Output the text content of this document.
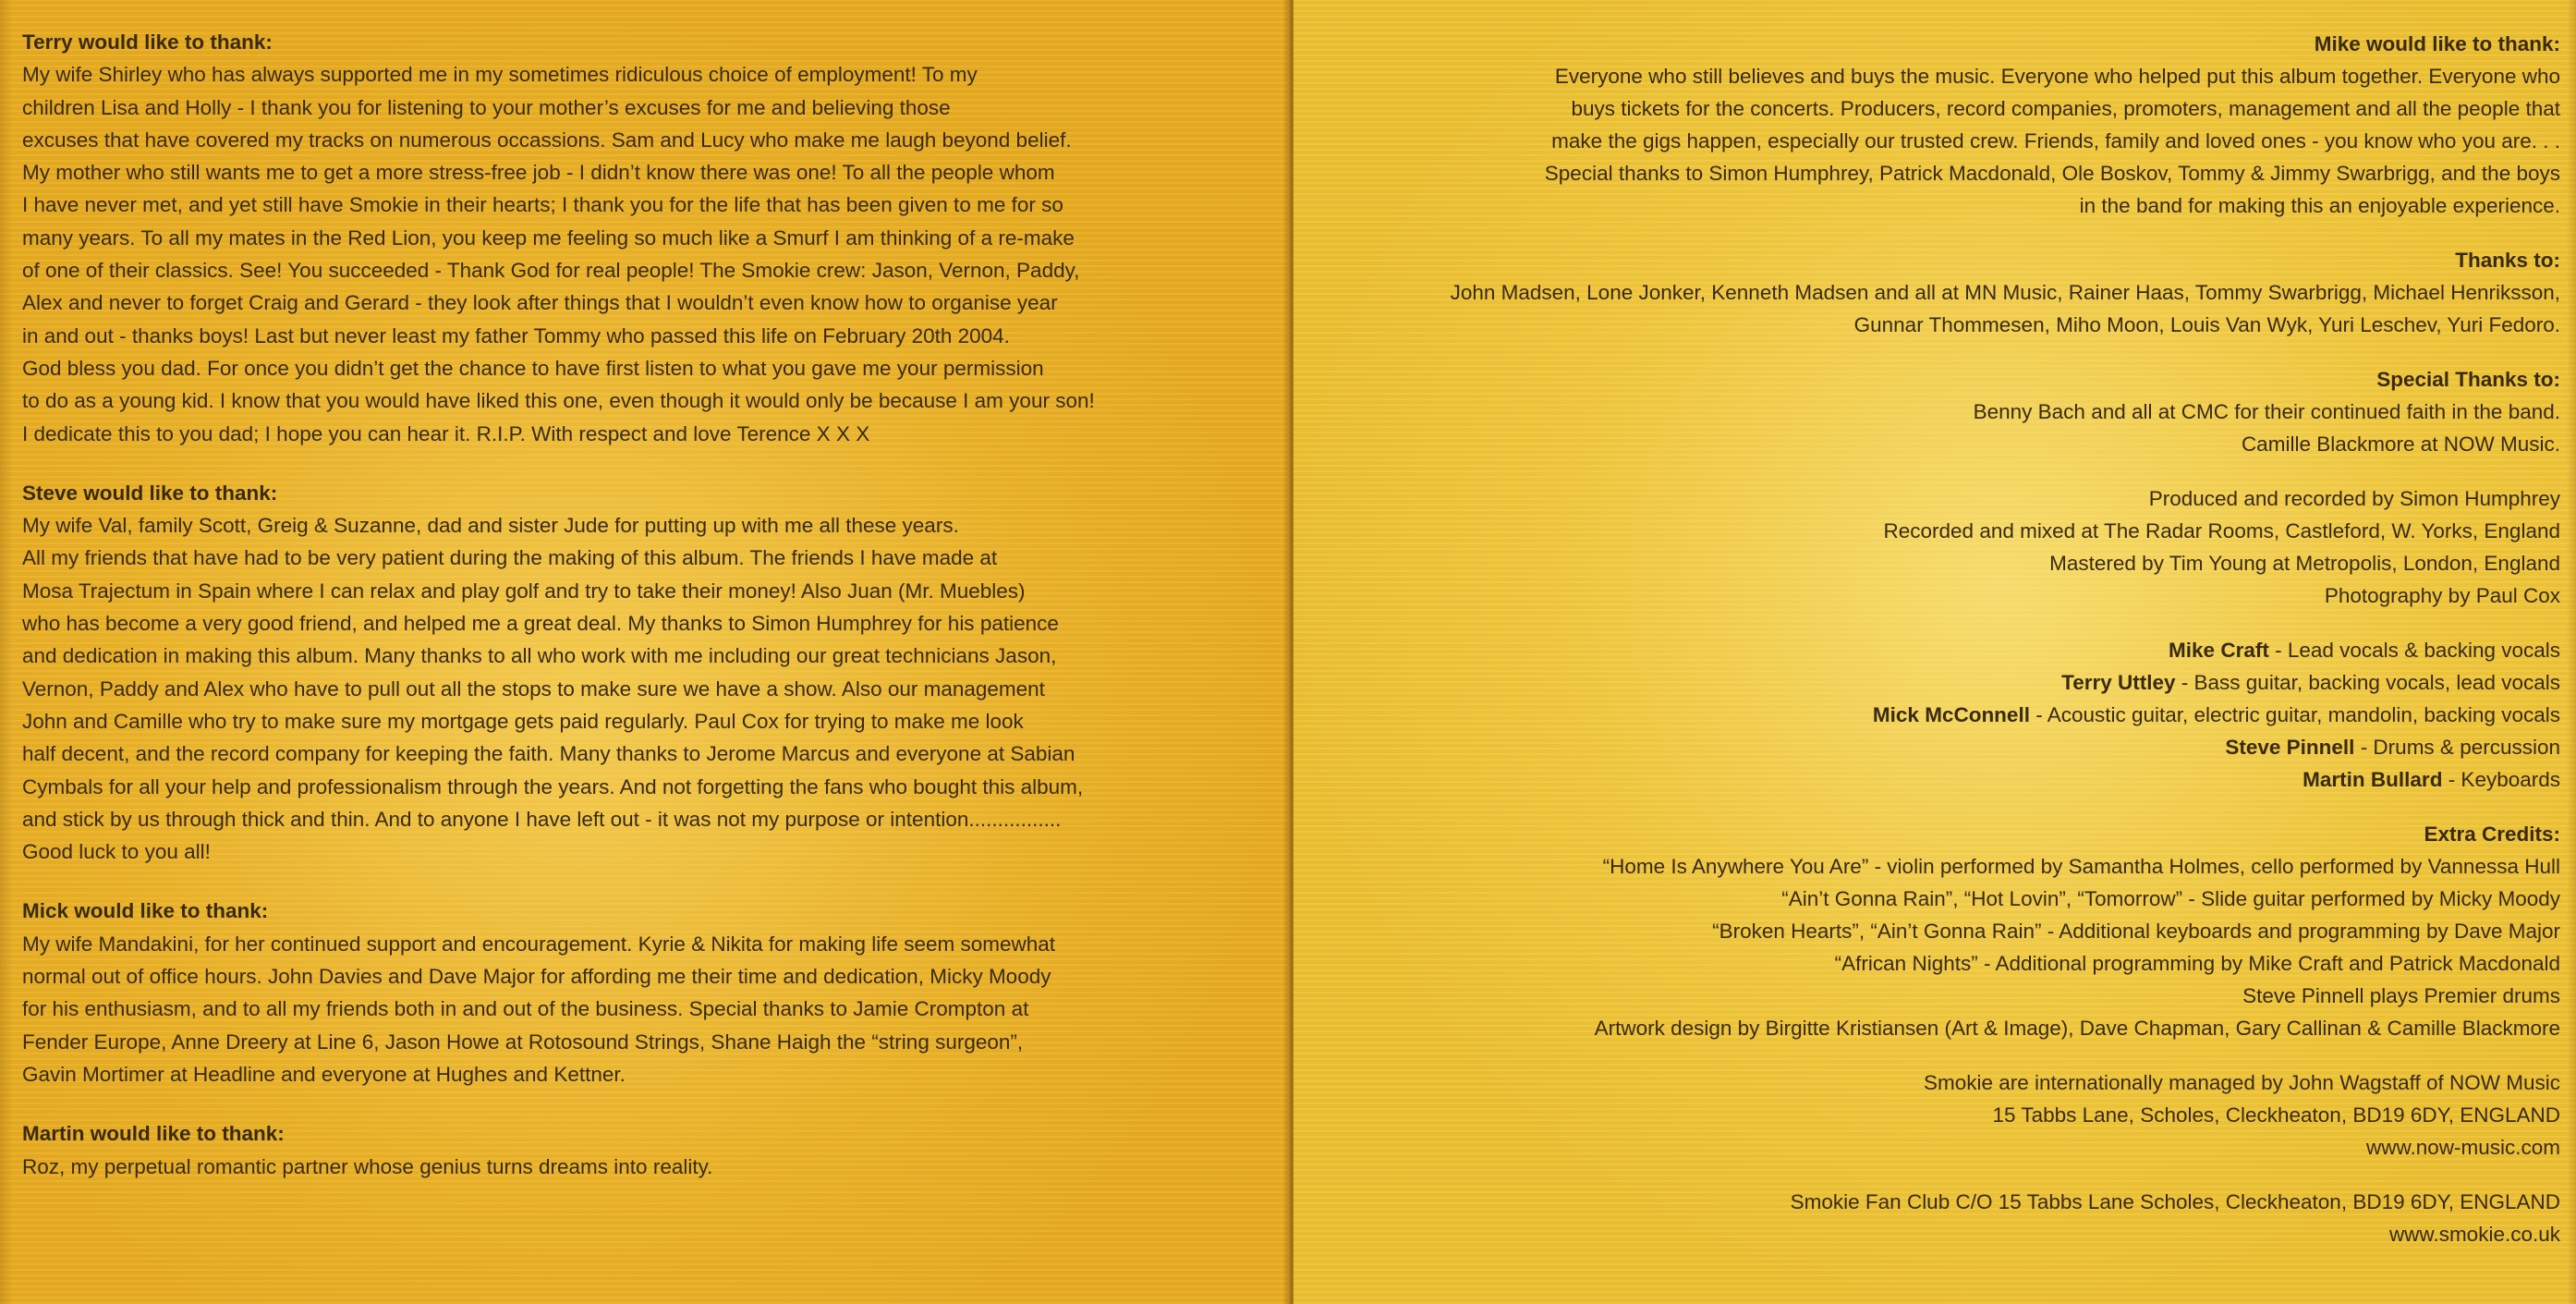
Terry would like to thank:
My wife Shirley who has always supported me in my sometimes ridiculous choice of employment! To my
children Lisa and Holly - I thank you for listening to your mother’s excuses for me and believing those
excuses that have covered my tracks on numerous occassions. Sam and Lucy who make me laugh beyond belief.
My mother who still wants me to get a more stress-free job - I didn’t know there was one! To all the people whom
I have never met, and yet still have Smokie in their hearts; I thank you for the life that has been given to me for so
many years. To all my mates in the Red Lion, you keep me feeling so much like a Smurf I am thinking of a re-make
of one of their classics. See! You succeeded - Thank God for real people! The Smokie crew: Jason, Vernon, Paddy,
Alex and never to forget Craig and Gerard - they look after things that I wouldn’t even know how to organise year
in and out - thanks boys! Last but never least my father Tommy who passed this life on February 20th 2004.
God bless you dad. For once you didn’t get the chance to have first listen to what you gave me your permission
to do as a young kid. I know that you would have liked this one, even though it would only be because I am your son!
I dedicate this to you dad; I hope you can hear it. R.I.P. With respect and love Terence X X X
Steve would like to thank:
My wife Val, family Scott, Greig & Suzanne, dad and sister Jude for putting up with me all these years.
All my friends that have had to be very patient during the making of this album. The friends I have made at
Mosa Trajectum in Spain where I can relax and play golf and try to take their money! Also Juan (Mr. Muebles)
who has become a very good friend, and helped me a great deal. My thanks to Simon Humphrey for his patience
and dedication in making this album. Many thanks to all who work with me including our great technicians Jason,
Vernon, Paddy and Alex who have to pull out all the stops to make sure we have a show. Also our management
John and Camille who try to make sure my mortgage gets paid regularly. Paul Cox for trying to make me look
half decent, and the record company for keeping the faith. Many thanks to Jerome Marcus and everyone at Sabian
Cymbals for all your help and professionalism through the years. And not forgetting the fans who bought this album,
and stick by us through thick and thin. And to anyone I have left out - it was not my purpose or intention................
Good luck to you all!
Mick would like to thank:
My wife Mandakini, for her continued support and encouragement. Kyrie & Nikita for making life seem somewhat
normal out of office hours. John Davies and Dave Major for affording me their time and dedication, Micky Moody
for his enthusiasm, and to all my friends both in and out of the business. Special thanks to Jamie Crompton at
Fender Europe, Anne Dreery at Line 6, Jason Howe at Rotosound Strings, Shane Haigh the “string surgeon”,
Gavin Mortimer at Headline and everyone at Hughes and Kettner.
Martin would like to thank:
Roz, my perpetual romantic partner whose genius turns dreams into reality.
Mike would like to thank:
Everyone who still believes and buys the music. Everyone who helped put this album together. Everyone who
buys tickets for the concerts. Producers, record companies, promoters, management and all the people that
make the gigs happen, especially our trusted crew. Friends, family and loved ones - you know who you are. . .
Special thanks to Simon Humphrey, Patrick Macdonald, Ole Boskov, Tommy & Jimmy Swarbrigg, and the boys
in the band for making this an enjoyable experience.
Thanks to:
John Madsen, Lone Jonker, Kenneth Madsen and all at MN Music, Rainer Haas, Tommy Swarbrigg, Michael Henriksson,
Gunnar Thommesen, Miho Moon, Louis Van Wyk, Yuri Leschev, Yuri Fedoro.
Special Thanks to:
Benny Bach and all at CMC for their continued faith in the band.
Camille Blackmore at NOW Music.
Produced and recorded by Simon Humphrey
Recorded and mixed at The Radar Rooms, Castleford, W. Yorks, England
Mastered by Tim Young at Metropolis, London, England
Photography by Paul Cox
Mike Craft - Lead vocals & backing vocals
Terry Uttley - Bass guitar, backing vocals, lead vocals
Mick McConnell - Acoustic guitar, electric guitar, mandolin, backing vocals
Steve Pinnell - Drums & percussion
Martin Bullard - Keyboards
Extra Credits:
“Home Is Anywhere You Are” - violin performed by Samantha Holmes, cello performed by Vannessa Hull
“Ain’t Gonna Rain”, “Hot Lovin”, “Tomorrow” - Slide guitar performed by Micky Moody
“Broken Hearts”, “Ain’t Gonna Rain” - Additional keyboards and programming by Dave Major
“African Nights” - Additional programming by Mike Craft and Patrick Macdonald
Steve Pinnell plays Premier drums
Artwork design by Birgitte Kristiansen (Art & Image), Dave Chapman, Gary Callinan & Camille Blackmore
Smokie are internationally managed by John Wagstaff of NOW Music
15 Tabbs Lane, Scholes, Cleckheaton, BD19 6DY, ENGLAND
www.now-music.com
Smokie Fan Club C/O 15 Tabbs Lane Scholes, Cleckheaton, BD19 6DY, ENGLAND
www.smokie.co.uk
